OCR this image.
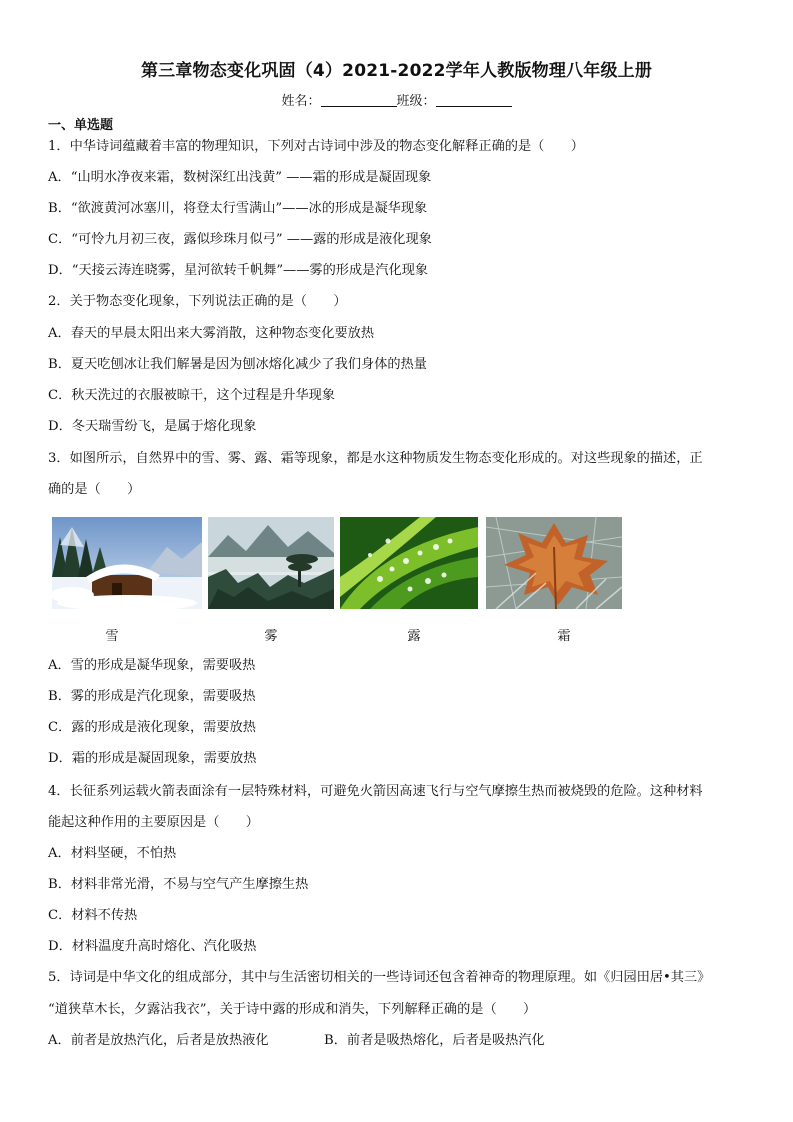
第三章物态变化巩固（4）2021-2022学年人教版物理八年级上册
姓名：	班级：
一、单选题
1．中华诗词蕴藏着丰富的物理知识，下列对古诗词中涉及的物态变化解释正确的是（　　）
A．“山明水净夜来霜，数树深红出浅黄” ——霜的形成是凝固现象
B．“欲渡黄河冰塞川，将登太行雪满山”——冰的形成是凝华现象
C．“可怜九月初三夜，露似珍珠月似弓” ——露的形成是液化现象
D．“天接云涛连晓雾，星河欲转千帆舞”——雾的形成是汽化现象
2．关于物态变化现象，下列说法正确的是（　　）
A．春天的早晨太阳出来大雾消散，这种物态变化要放热
B．夏天吃刨冰让我们解暑是因为刨冰熔化减少了我们身体的热量
C．秋天洗过的衣服被晾干，这个过程是升华现象
D．冬天瑞雪纷飞，是属于熔化现象
3．如图所示，自然界中的雪、雾、露、霜等现象，都是水这种物质发生物态变化形成的。对这些现象的描述，正
确的是（　　）
雪	雾	露	霜
A．雪的形成是凝华现象，需要吸热
B．雾的形成是汽化现象，需要吸热
C．露的形成是液化现象，需要放热
D．霜的形成是凝固现象，需要放热
4．长征系列运载火箭表面涂有一层特殊材料，可避免火箭因高速飞行与空气摩擦生热而被烧毁的危险。这种材料
能起这种作用的主要原因是（　　）
A．材料坚硬，不怕热
B．材料非常光滑，不易与空气产生摩擦生热
C．材料不传热
D．材料温度升高时熔化、汽化吸热
5．诗词是中华文化的组成部分，其中与生活密切相关的一些诗词还包含着神奇的物理原理。如《归园田居•其三》
“道狭草木长，夕露沾我衣”，关于诗中露的形成和消失，下列解释正确的是（　　）
A．前者是放热汽化，后者是放热液化	B．前者是吸热熔化，后者是吸热汽化
